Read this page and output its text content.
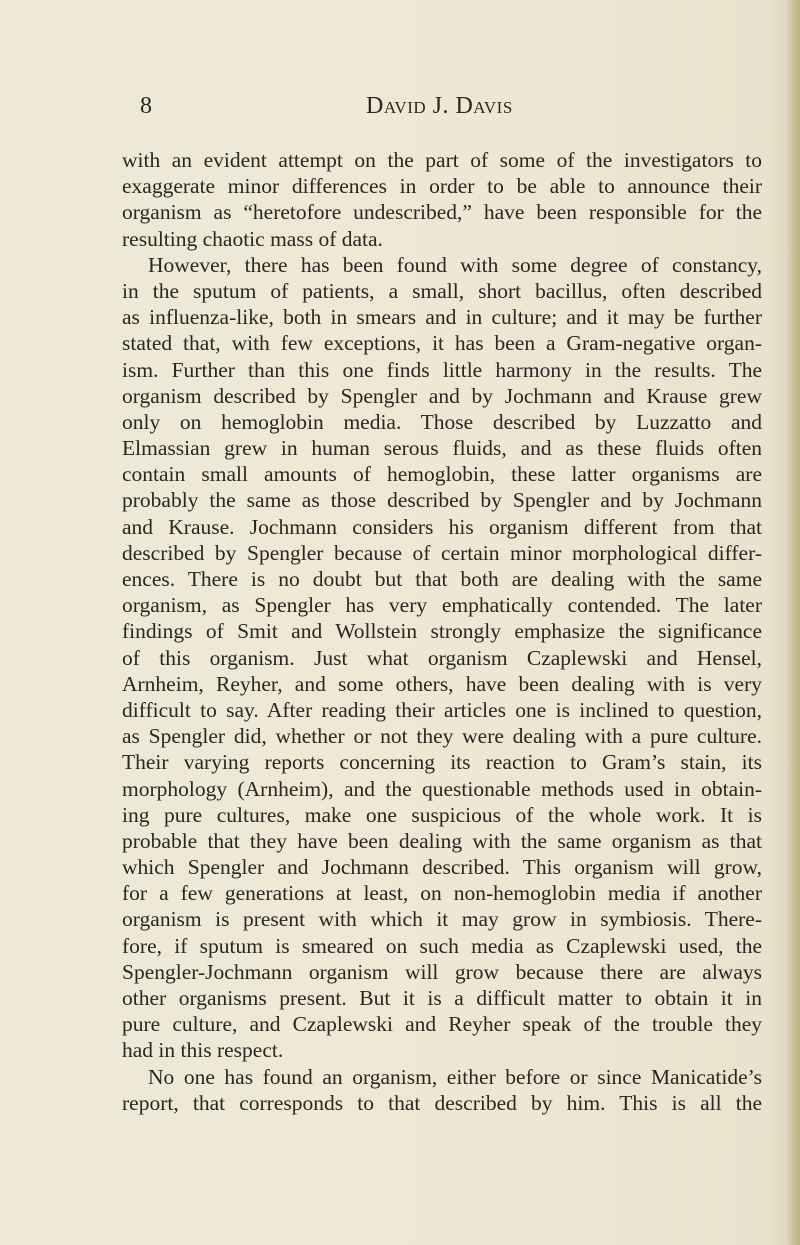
8	David J. Davis
with an evident attempt on the part of some of the investigators to
exaggerate minor differences in order to be able to announce their
organism as “heretofore undescribed,” have been responsible for the
resulting chaotic mass of data.
However, there has been found with some degree of constancy,
in the sputum of patients, a small, short bacillus, often described
as influenza-like, both in smears and in culture; and it may be further
stated that, with few exceptions, it has been a Gram-negative organ-
ism. Further than this one finds little harmony in the results. The
organism described by Spengler and by Jochmann and Krause grew
only on hemoglobin media. Those described by Luzzatto and
Elmassian grew in human serous fluids, and as these fluids often
contain small amounts of hemoglobin, these latter organisms are
probably the same as those described by Spengler and by Jochmann
and Krause. Jochmann considers his organism different from that
described by Spengler because of certain minor morphological differ-
ences. There is no doubt but that both are dealing with the same
organism, as Spengler has very emphatically contended. The later
findings of Smit and Wollstein strongly emphasize the significance
of this organism. Just what organism Czaplewski and Hensel,
Arnheim, Reyher, and some others, have been dealing with is very
difficult to say. After reading their articles one is inclined to question,
as Spengler did, whether or not they were dealing with a pure culture.
Their varying reports concerning its reaction to Gram’s stain, its
morphology (Arnheim), and the questionable methods used in obtain-
ing pure cultures, make one suspicious of the whole work. It is
probable that they have been dealing with the same organism as that
which Spengler and Jochmann described. This organism will grow,
for a few generations at least, on non-hemoglobin media if another
organism is present with which it may grow in symbiosis. There-
fore, if sputum is smeared on such media as Czaplewski used, the
Spengler-Jochmann organism will grow because there are always
other organisms present. But it is a difficult matter to obtain it in
pure culture, and Czaplewski and Reyher speak of the trouble they
had in this respect.
No one has found an organism, either before or since Manicatide’s
report, that corresponds to that described by him. This is all the
